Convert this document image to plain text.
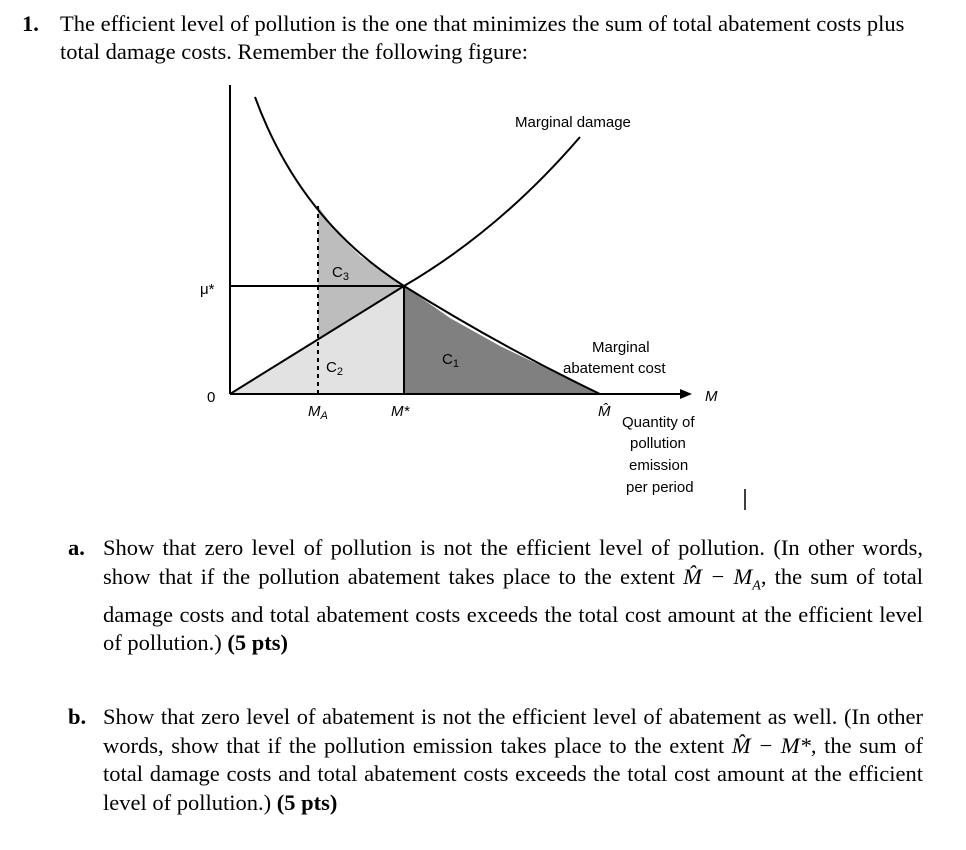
1. The efficient level of pollution is the one that minimizes the sum of total abatement costs plus total damage costs. Remember the following figure:
μ*
0
Marginal damage
Marginal
abatement cost
M
$M_A$	M*	M̂
$C_1$
$C_2$
$C_3$
Quantity of
pollution
emission
per period
a. Show that zero level of pollution is not the efficient level of pollution. (In other words, show that if the pollution abatement takes place to the extent M̂ − $M_A$, the sum of total damage costs and total abatement costs exceeds the total cost amount at the efficient level of pollution.) (5 pts)
b. Show that zero level of abatement is not the efficient level of abatement as well. (In other words, show that if the pollution emission takes place to the extent M̂ − M*, the sum of total damage costs and total abatement costs exceeds the total cost amount at the efficient level of pollution.) (5 pts)
